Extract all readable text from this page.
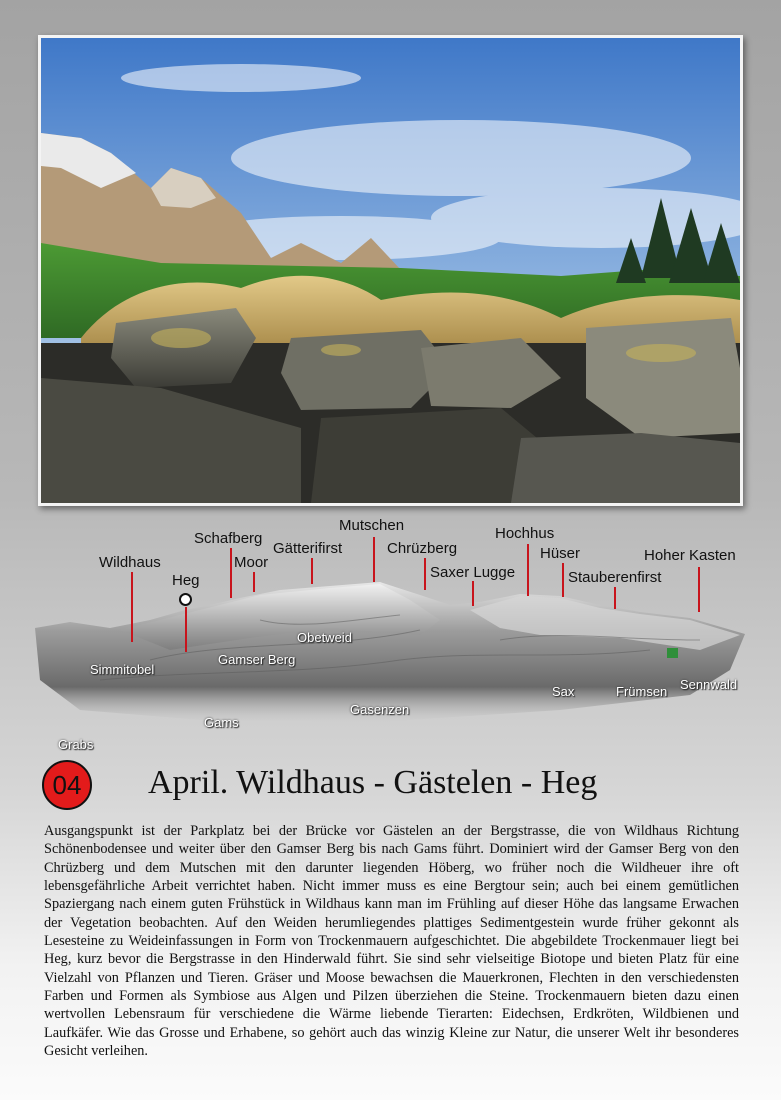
Wildhaus
Heg
Schafberg
Moor
Gätterifirst
Mutschen
Chrüzberg
Saxer Lugge
Hochhus
Hüser
Stauberenfirst
Hoher Kasten
Simmitobel
Gamser Berg
Obetweid
Gams
Gasenzen
Sax	Frümsen Sennwald
Grabs
04	April. Wildhaus - Gästelen - Heg

Ausgangspunkt ist der Parkplatz bei der Brücke vor Gästelen an der Bergstrasse, die von Wildhaus Richtung Schönenbodensee und weiter über den Gamser Berg bis nach Gams führt. Dominiert wird der Gamser Berg von den Chrüzberg und dem Mutschen mit den darunter liegenden Höberg, wo früher noch die Wildheuer ihre oft lebensgefährliche Arbeit verrichtet haben. Nicht immer muss es eine Bergtour sein; auch bei einem gemütlichen Spaziergang nach einem guten Frühstück in Wildhaus kann man im Frühling auf dieser Höhe das langsame Erwachen der Vegetation beobachten. Auf den Weiden herumliegendes plattiges Sedimentgestein wurde früher gekonnt als Lesesteine zu Weideinfassungen in Form von Trockenmauern aufgeschichtet. Die abgebildete Trockenmauer liegt bei Heg, kurz bevor die Bergstrasse in den Hinderwald führt. Sie sind sehr vielseitige Biotope und bieten Platz für eine Vielzahl von Pflanzen und Tieren. Gräser und Moose bewachsen die Mauerkronen, Flechten in den verschiedensten Farben und Formen als Symbiose aus Algen und Pilzen überziehen die Steine. Trockenmauern bieten dazu einen wertvollen Lebensraum für verschiedene die Wärme liebende Tierarten: Eidechsen, Erdkröten, Wildbienen und Laufkäfer. Wie das Grosse und Erhabene, so gehört auch das winzig Kleine zur Natur, die unserer Welt ihr besonderes Gesicht verleihen.
